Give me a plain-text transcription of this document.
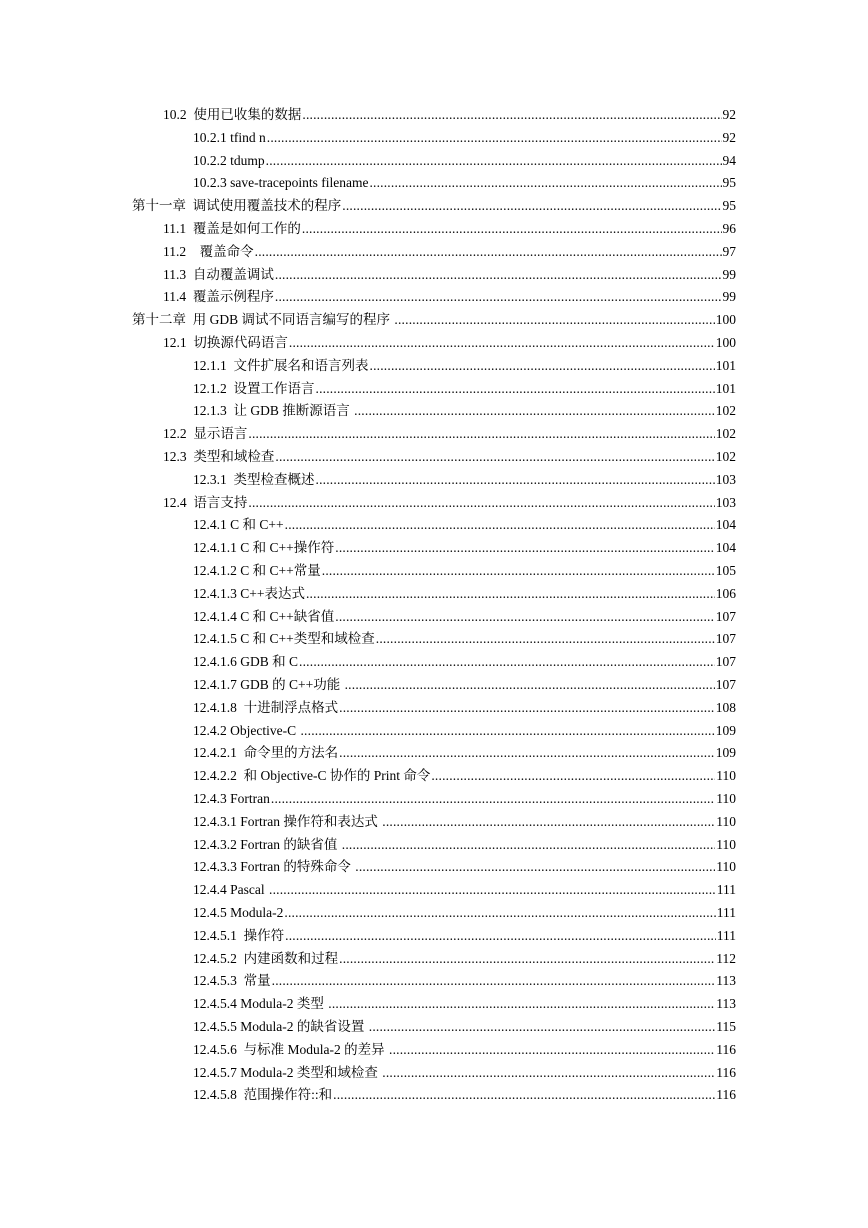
10.2  使用已收集的数据 .....	92
10.2.1 tfind n .....	92
10.2.2 tdump .....	94
10.2.3 save-tracepoints filename .....	95
第十一章  调试使用覆盖技术的程序 .....	95
11.1  覆盖是如何工作的 .....	96
11.2    覆盖命令 .....	97
11.3  自动覆盖调试 .....	99
11.4  覆盖示例程序 .....	99
第十二章  用 GDB 调试不同语言编写的程序 .....	100
12.1  切换源代码语言 .....	100
12.1.1  文件扩展名和语言列表 .....	101
12.1.2  设置工作语言 .....	101
12.1.3  让 GDB 推断源语言 .....	102
12.2  显示语言 .....	102
12.3  类型和域检查 .....	102
12.3.1  类型检查概述 .....	103
12.4  语言支持 .....	103
12.4.1 C 和 C++ .....	104
12.4.1.1 C 和 C++操作符 .....	104
12.4.1.2 C 和 C++常量 .....	105
12.4.1.3 C++表达式 .....	106
12.4.1.4 C 和 C++缺省值 .....	107
12.4.1.5 C 和 C++类型和域检查 .....	107
12.4.1.6 GDB 和 C .....	107
12.4.1.7 GDB 的 C++功能 .....	107
12.4.1.8  十进制浮点格式 .....	108
12.4.2 Objective-C .....	109
12.4.2.1  命令里的方法名 .....	109
12.4.2.2  和 Objective-C 协作的 Print 命令 .....	110
12.4.3 Fortran .....	110
12.4.3.1 Fortran 操作符和表达式 .....	110
12.4.3.2 Fortran 的缺省值 .....	110
12.4.3.3 Fortran 的特殊命令 .....	110
12.4.4 Pascal .....	111
12.4.5 Modula-2 .....	111
12.4.5.1  操作符 .....	111
12.4.5.2  内建函数和过程 .....	112
12.4.5.3  常量 .....	113
12.4.5.4 Modula-2 类型 .....	113
12.4.5.5 Modula-2 的缺省设置 .....	115
12.4.5.6  与标准 Modula-2 的差异 .....	116
12.4.5.7 Modula-2 类型和域检查 .....	116
12.4.5.8  范围操作符::和 .....	116
